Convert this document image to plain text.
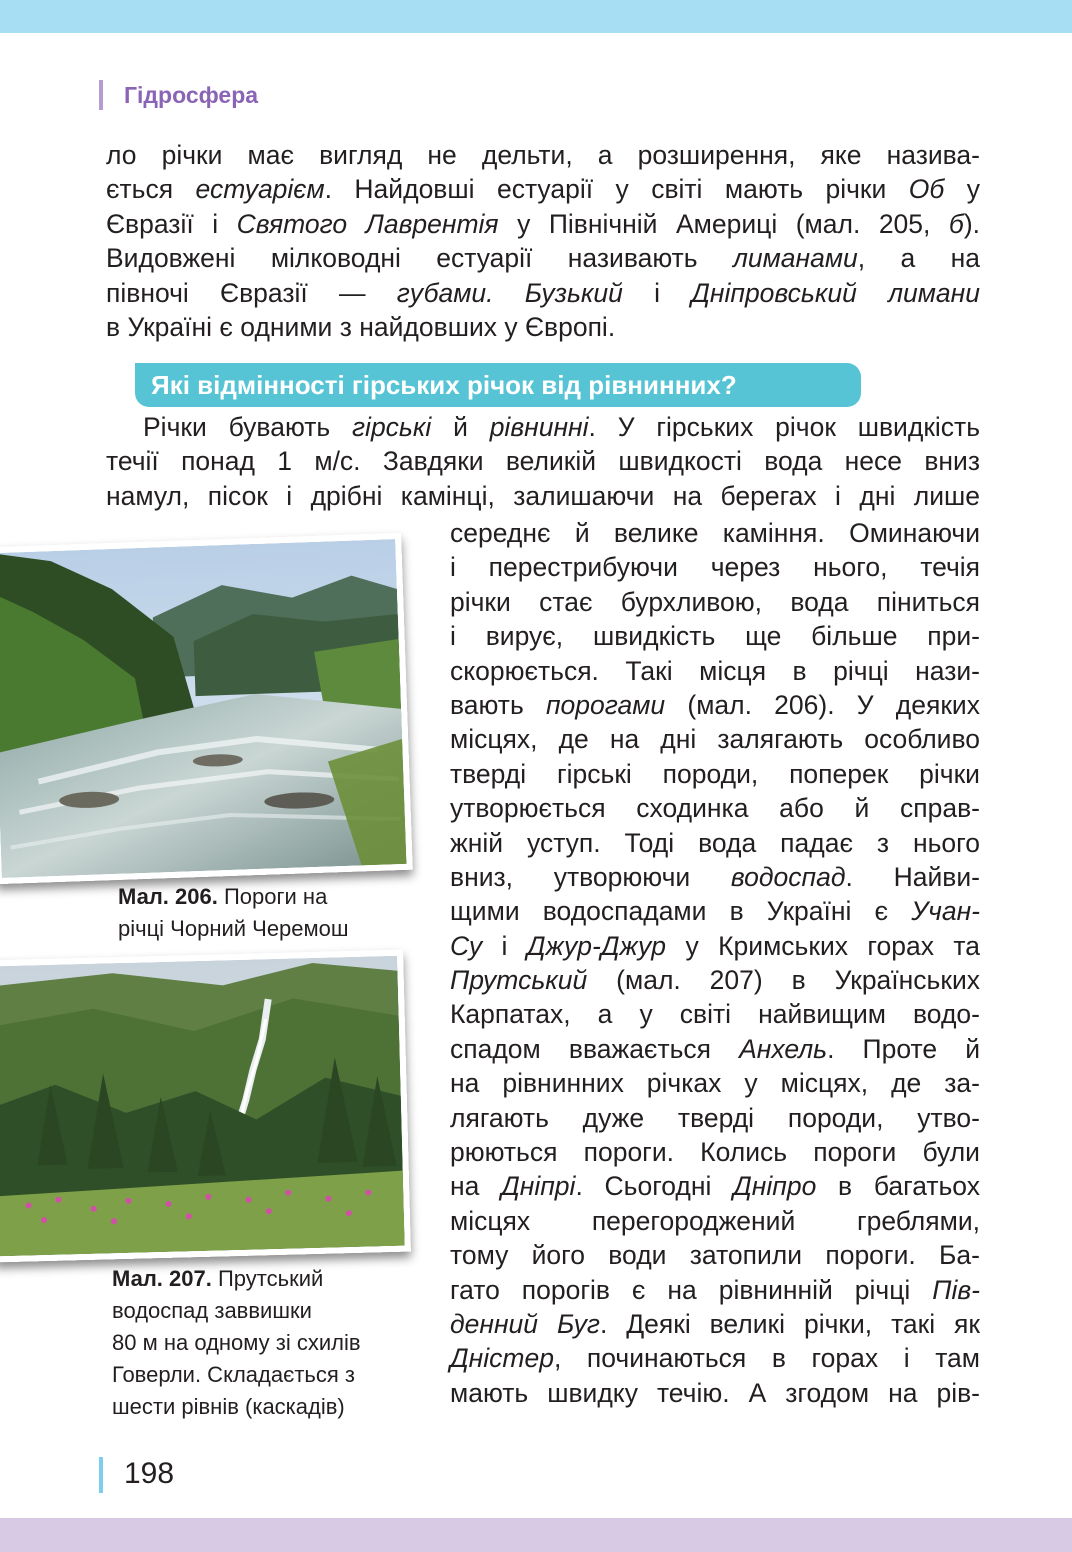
Гідросфера
ло річки має вигляд не дельти, а розширення, яке назива-
ється естуарієм. Найдовші естуарії у світі мають річки Об у
Євразії і Святого Лаврентія у Північній Америці (мал. 205, б).
Видовжені мілководні естуарії називають лиманами, а на
півночі Євразії — губами. Бузький і Дніпровський лимани
в Україні є одними з найдовших у Європі.
Які відмінності гірських річок від рівнинних?
Річки бувають гірські й рівнинні. У гірських річок швидкість
течії понад 1 м/с. Завдяки великій швидкості вода несе вниз
намул, пісок і дрібні камінці, залишаючи на берегах і дні лише
середнє й велике каміння. Оминаючи
і перестрибуючи через нього, течія
річки стає бурхливою, вода піниться
і вирує, швидкість ще більше при-
скорюється. Такі місця в річці нази-
вають порогами (мал. 206). У деяких
місцях, де на дні залягають особливо
тверді гірські породи, поперек річки
утворюється сходинка або й справ-
жній уступ. Тоді вода падає з нього
вниз, утворюючи водоспад. Найви-
щими водоспадами в Україні є Учан-
Су і Джур-Джур у Кримських горах та
Прутський (мал. 207) в Українських
Карпатах, а у світі найвищим водо-
спадом вважається Анхель. Проте й
на рівнинних річках у місцях, де за-
лягають дуже тверді породи, утво-
рюються пороги. Колись пороги були
на Дніпрі. Сьогодні Дніпро в багатьох
місцях перегороджений греблями,
тому його води затопили пороги. Ба-
гато порогів є на рівнинній річці Пів-
денний Буг. Деякі великі річки, такі як
Дністер, починаються в горах і там
мають швидку течію. А згодом на рів-

Мал. 206. Пороги на
річці Чорний Черемош

Мал. 207. Прутський
водоспад заввишки
80 м на одному зі схилів
Говерли. Складається з
шести рівнів (каскадів)

198
